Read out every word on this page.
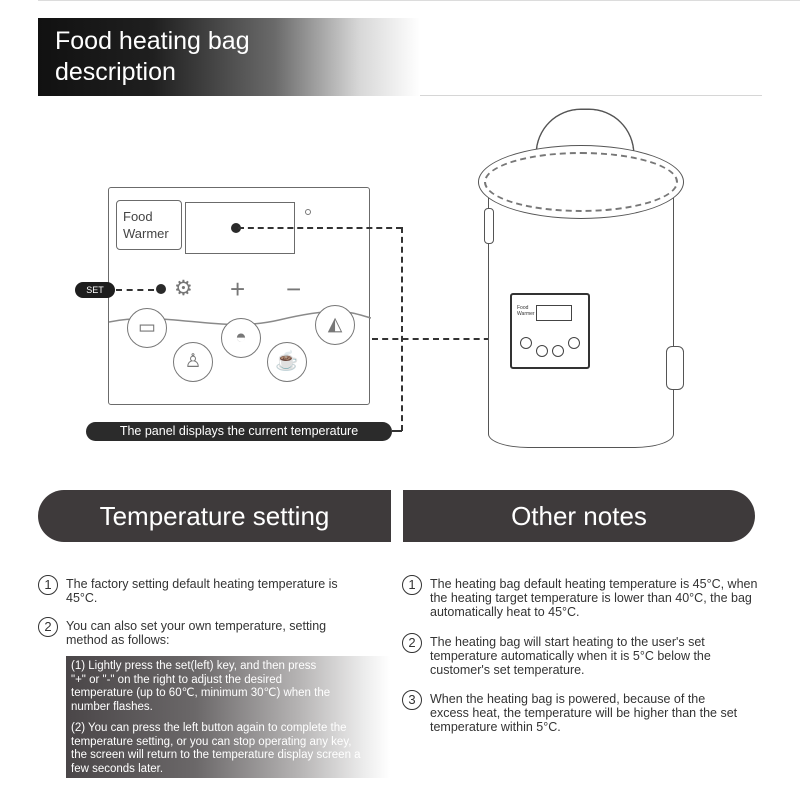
Food heating bag description
Food
Warmer
⚙ + −
▭
♙
◓
☕
◭
SET
The panel displays the current temperature
Food
Warmer
Temperature setting	Other notes
1	The factory setting default heating temperature is 45°C.
2	You can also set your own temperature, setting method as follows:
(1) Lightly press the set(left) key, and then press "+" or "-" on the right to adjust the desired temperature (up to 60℃, minimum 30℃) when the number flashes.
(2) You can press the left button again to complete the temperature setting, or you can stop operating any key, the screen will return to the temperature display screen a few seconds later.
1	The heating bag default heating temperature is 45°C, when the heating target temperature is lower than 40°C, the bag automatically heat to 45°C.
2	The heating bag will start heating to the user's set temperature automatically when it is 5°C below the customer's set temperature.
3	When the heating bag is powered, because of the excess heat, the temperature will be higher than the set temperature within 5°C.
